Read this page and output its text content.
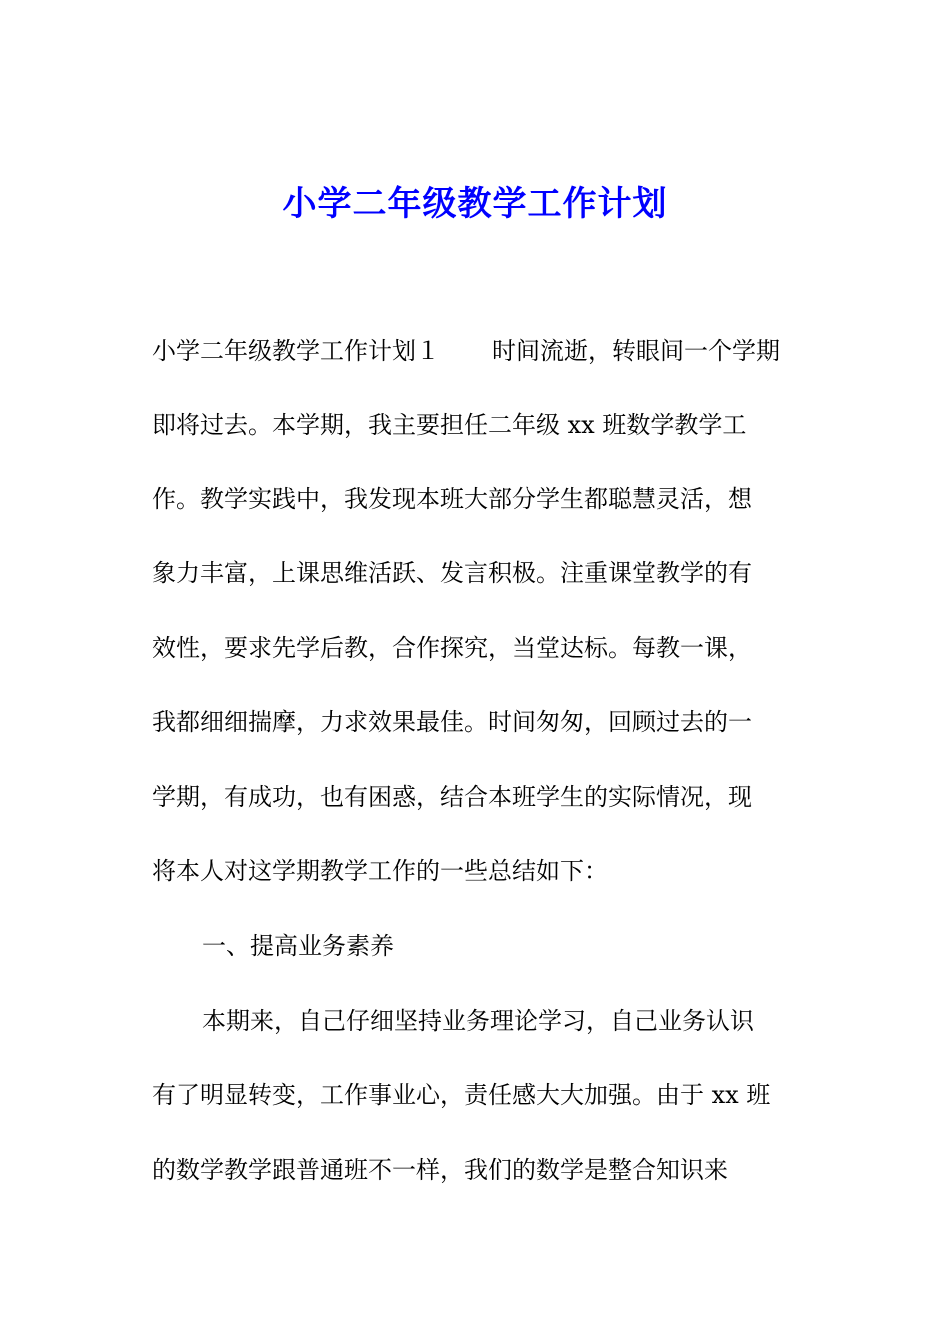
小学二年级教学工作计划
小学二年级教学工作计划１ 时间流逝，转眼间一个学期
即将过去。本学期，我主要担任二年级 xx 班数学教学工
作。教学实践中，我发现本班大部分学生都聪慧灵活，想
象力丰富，上课思维活跃、发言积极。注重课堂教学的有
效性，要求先学后教，合作探究，当堂达标。每教一课，
我都细细揣摩，力求效果最佳。时间匆匆，回顾过去的一
学期，有成功，也有困惑，结合本班学生的实际情况，现
将本人对这学期教学工作的一些总结如下：
一、提高业务素养
本期来，自己仔细坚持业务理论学习，自己业务认识
有了明显转变，工作事业心，责任感大大加强。由于 xx 班
的数学教学跟普通班不一样，我们的数学是整合知识来
